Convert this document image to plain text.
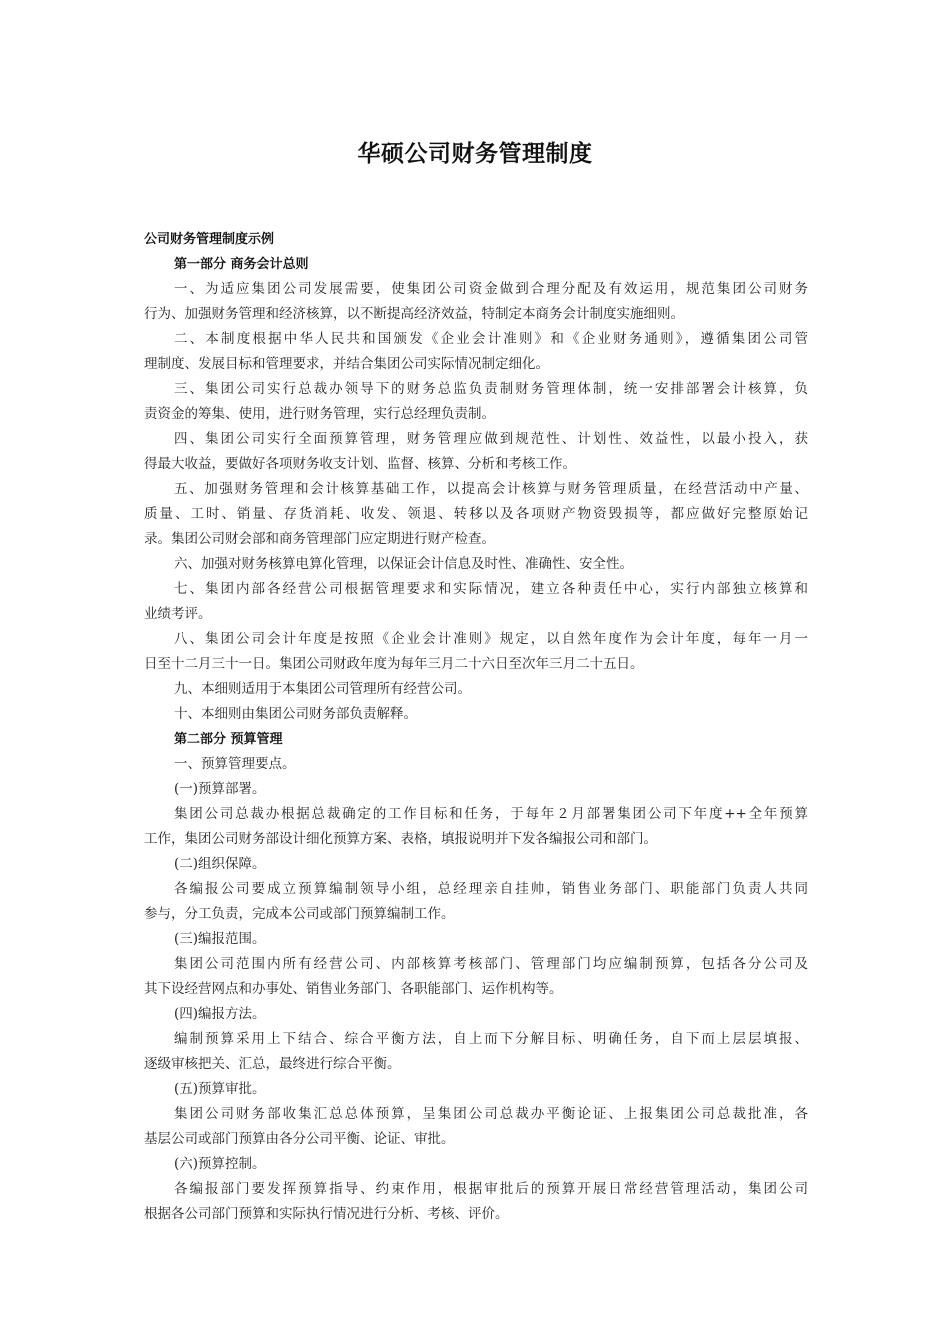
华硕公司财务管理制度

公司财务管理制度示例

第一部分 商务会计总则

一、为适应集团公司发展需要，使集团公司资金做到合理分配及有效运用，规范集团公司财务

行为、加强财务管理和经济核算，以不断提高经济效益，特制定本商务会计制度实施细则。

二、本制度根据中华人民共和国颁发《企业会计准则》和《企业财务通则》，遵循集团公司管

理制度、发展目标和管理要求，并结合集团公司实际情况制定细化。

三、集团公司实行总裁办领导下的财务总监负责制财务管理体制，统一安排部署会计核算，负

责资金的筹集、使用，进行财务管理，实行总经理负责制。

四、集团公司实行全面预算管理，财务管理应做到规范性、计划性、效益性，以最小投入，获

得最大收益，要做好各项财务收支计划、监督、核算、分析和考核工作。

五、加强财务管理和会计核算基础工作，以提高会计核算与财务管理质量，在经营活动中产量、

质量、工时、销量、存货消耗、收发、领退、转移以及各项财产物资毁损等，都应做好完整原始记

录。集团公司财会部和商务管理部门应定期进行财产检查。

六、加强对财务核算电算化管理，以保证会计信息及时性、准确性、安全性。

七、集团内部各经营公司根据管理要求和实际情况，建立各种责任中心，实行内部独立核算和

业绩考评。

八、集团公司会计年度是按照《企业会计准则》规定，以自然年度作为会计年度，每年一月一

日至十二月三十一日。集团公司财政年度为每年三月二十六日至次年三月二十五日。

九、本细则适用于本集团公司管理所有经营公司。

十、本细则由集团公司财务部负责解释。

第二部分 预算管理

一、预算管理要点。

(一)预算部署。

集团公司总裁办根据总裁确定的工作目标和任务，于每年２月部署集团公司下年度++全年预算

工作，集团公司财务部设计细化预算方案、表格，填报说明并下发各编报公司和部门。

(二)组织保障。

各编报公司要成立预算编制领导小组，总经理亲自挂帅，销售业务部门、职能部门负责人共同

参与，分工负责，完成本公司或部门预算编制工作。

(三)编报范围。

集团公司范围内所有经营公司、内部核算考核部门、管理部门均应编制预算，包括各分公司及

其下设经营网点和办事处、销售业务部门、各职能部门、运作机构等。

(四)编报方法。

编制预算采用上下结合、综合平衡方法，自上而下分解目标、明确任务，自下而上层层填报、

逐级审核把关、汇总，最终进行综合平衡。

(五)预算审批。

集团公司财务部收集汇总总体预算，呈集团公司总裁办平衡论证、上报集团公司总裁批准，各

基层公司或部门预算由各分公司平衡、论证、审批。

(六)预算控制。

各编报部门要发挥预算指导、约束作用，根据审批后的预算开展日常经营管理活动，集团公司

根据各公司部门预算和实际执行情况进行分析、考核、评价。
